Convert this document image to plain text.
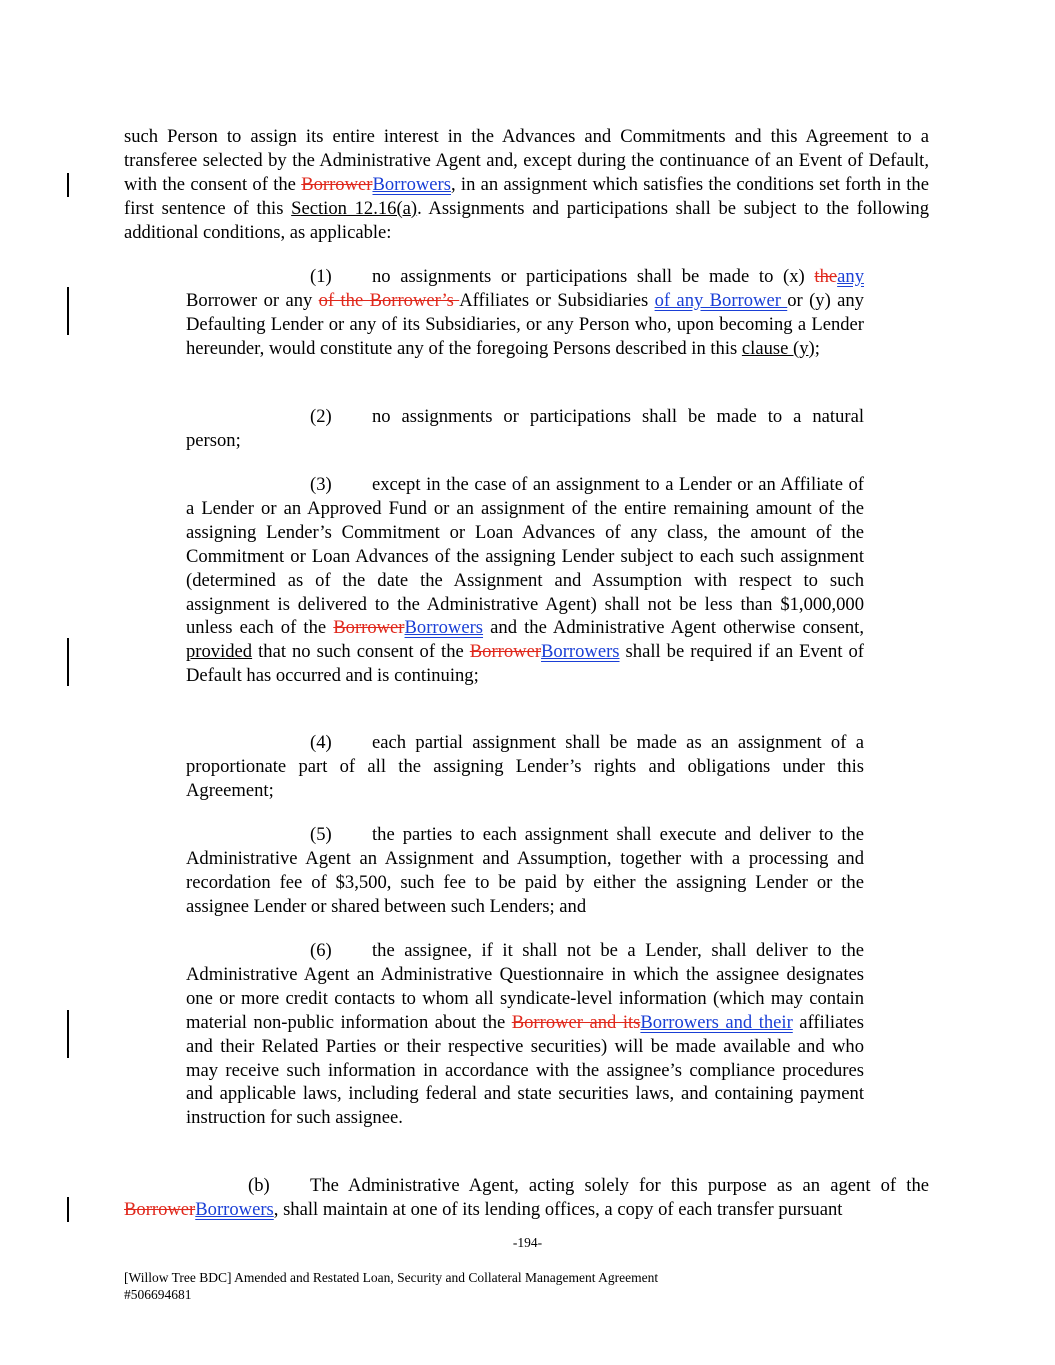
such Person to assign its entire interest in the Advances and Commitments and this Agreement to a transferee selected by the Administrative Agent and, except during the continuance of an Event of Default, with the consent of the BorrowerBorrowers, in an assignment which satisfies the conditions set forth in the first sentence of this Section 12.16(a). Assignments and participations shall be subject to the following additional conditions, as applicable:
(1) no assignments or participations shall be made to (x) theany Borrower or any of the Borrower’s Affiliates or Subsidiaries of any Borrower or (y) any Defaulting Lender or any of its Subsidiaries, or any Person who, upon becoming a Lender hereunder, would constitute any of the foregoing Persons described in this clause (y);
(2) no assignments or participations shall be made to a natural person;
(3) except in the case of an assignment to a Lender or an Affiliate of a Lender or an Approved Fund or an assignment of the entire remaining amount of the assigning Lender’s Commitment or Loan Advances of any class, the amount of the Commitment or Loan Advances of the assigning Lender subject to each such assignment (determined as of the date the Assignment and Assumption with respect to such assignment is delivered to the Administrative Agent) shall not be less than $1,000,000 unless each of the BorrowerBorrowers and the Administrative Agent otherwise consent, provided that no such consent of the BorrowerBorrowers shall be required if an Event of Default has occurred and is continuing;
(4) each partial assignment shall be made as an assignment of a proportionate part of all the assigning Lender’s rights and obligations under this Agreement;
(5) the parties to each assignment shall execute and deliver to the Administrative Agent an Assignment and Assumption, together with a processing and recordation fee of $3,500, such fee to be paid by either the assigning Lender or the assignee Lender or shared between such Lenders; and
(6) the assignee, if it shall not be a Lender, shall deliver to the Administrative Agent an Administrative Questionnaire in which the assignee designates one or more credit contacts to whom all syndicate-level information (which may contain material non-public information about the Borrower and itsBorrowers and their affiliates and their Related Parties or their respective securities) will be made available and who may receive such information in accordance with the assignee’s compliance procedures and applicable laws, including federal and state securities laws, and containing payment instruction for such assignee.
(b) The Administrative Agent, acting solely for this purpose as an agent of the BorrowerBorrowers, shall maintain at one of its lending offices, a copy of each transfer pursuant
-194-
[Willow Tree BDC] Amended and Restated Loan, Security and Collateral Management Agreement
#506694681
